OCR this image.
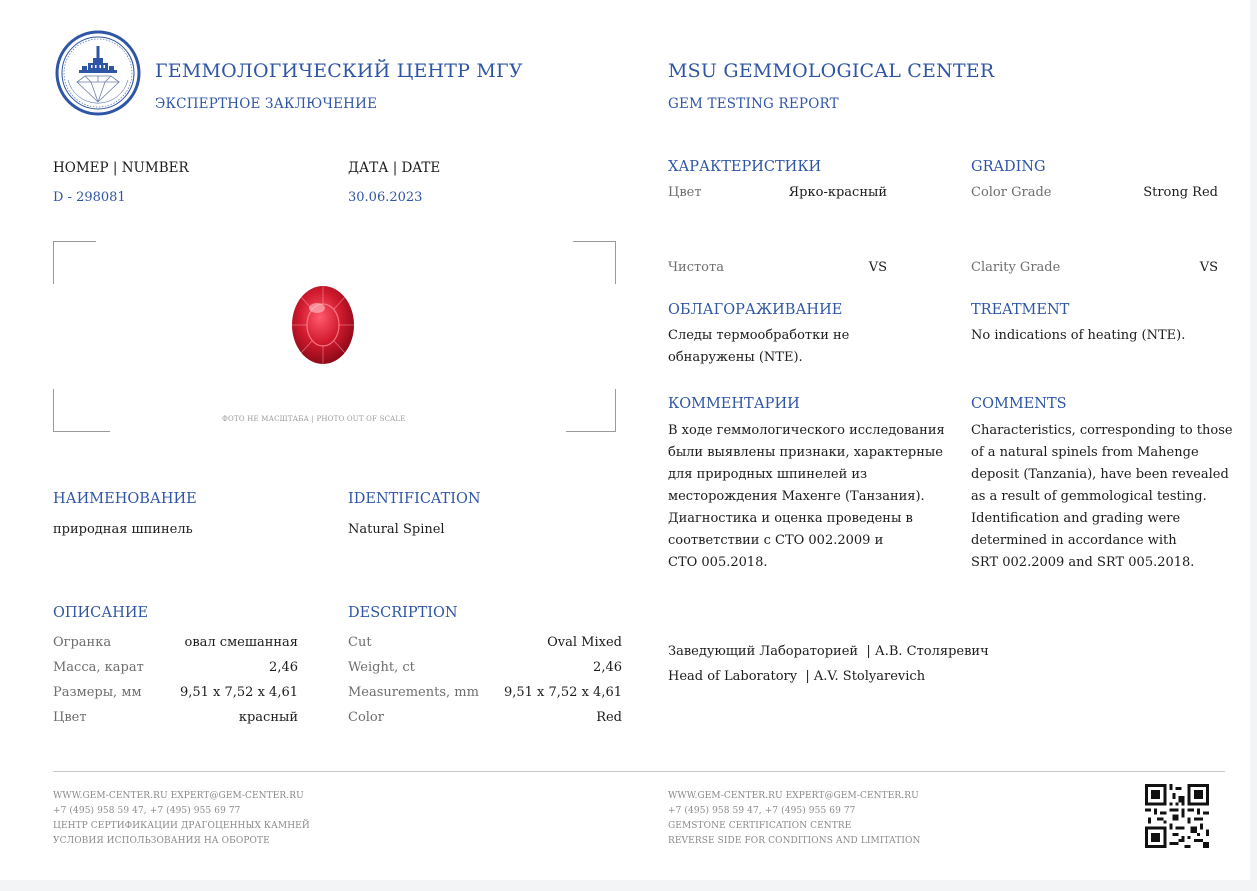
ГЕММОЛОГИЧЕСКИЙ ЦЕНТР МГУ
ЭКСПЕРТНОЕ ЗАКЛЮЧЕНИЕ
MSU GEMMOLOGICAL CENTER
GEM TESTING REPORT
НОМЕР | NUMBER
D - 298081
ДАТА | DATE
30.06.2023
ФОТО НЕ МАСШТАБА | PHOTO OUT OF SCALE
НАИМЕНОВАНИЕ
природная шпинель
IDENTIFICATION
Natural Spinel
ОПИСАНИЕ	DESCRIPTION
Огранка	овал смешанная
Масса, карат	2,46
Размеры, мм	9,51 x 7,52 x 4,61
Цвет	красный
Cut	Oval Mixed
Weight, ct	2,46
Measurements, mm	9,51 x 7,52 x 4,61
Color	Red
ХАРАКТЕРИСТИКИ	GRADING
Цвет	Ярко-красный	Color Grade	Strong Red
Чистота	VS	Clarity Grade	VS
ОБЛАГОРАЖИВАНИЕ
Следы термообработки не
обнаружены (NTE).
TREATMENT
No indications of heating (NTE).
КОММЕНТАРИИ	COMMENTS
В ходе геммологического исследования
были выявлены признаки, характерные
для природных шпинелей из
месторождения Махенге (Танзания).
Диагностика и оценка проведены в
соответствии с СТО 002.2009 и
СТО 005.2018.
Characteristics, corresponding to those
of a natural spinels from Mahenge
deposit (Tanzania), have been revealed
as a result of gemmological testing.
Identification and grading were
determined in accordance with
SRT 002.2009 and SRT 005.2018.
Заведующий Лабораторией  | А.В. Столяревич
Head of Laboratory  | A.V. Stolyarevich
WWW.GEM-CENTER.RU EXPERT@GEM-CENTER.RU
+7 (495) 958 59 47, +7 (495) 955 69 77
ЦЕНТР СЕРТИФИКАЦИИ ДРАГОЦЕННЫХ КАМНЕЙ
УСЛОВИЯ ИСПОЛЬЗОВАНИЯ НА ОБОРОТЕ
WWW.GEM-CENTER.RU EXPERT@GEM-CENTER.RU
+7 (495) 958 59 47, +7 (495) 955 69 77
GEMSTONE CERTIFICATION CENTRE
REVERSE SIDE FOR CONDITIONS AND LIMITATION
